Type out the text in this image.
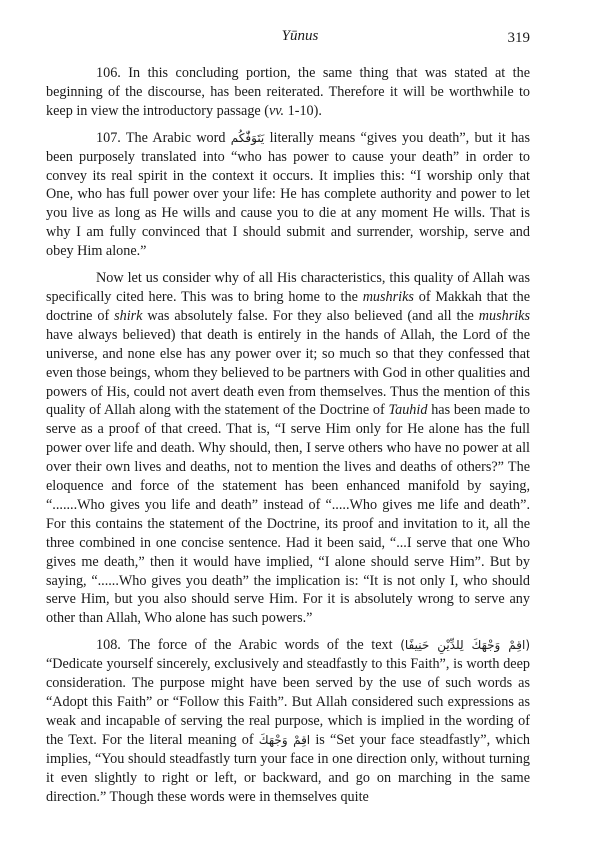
Yūnus	319

106. In this concluding portion, the same thing that was stated at the beginning of the discourse, has been reiterated. Therefore it will be worthwhile to keep in view the introductory passage (vv. 1-10).

107. The Arabic word يَتَوَفّٰكُم literally means “gives you death”, but it has been purposely translated into “who has power to cause your death” in order to convey its real spirit in the context it occurs. It implies this: “I worship only that One, who has full power over your life: He has complete authority and power to let you live as long as He wills and cause you to die at any moment He wills. That is why I am fully convinced that I should submit and surrender, worship, serve and obey Him alone.”

Now let us consider why of all His characteristics, this quality of Allah was specifically cited here. This was to bring home to the mushriks of Makkah that the doctrine of shirk was absolutely false. For they also believed (and all the mushriks have always believed) that death is entirely in the hands of Allah, the Lord of the universe, and none else has any power over it; so much so that they confessed that even those beings, whom they believed to be partners with God in other qualities and powers of His, could not avert death even from themselves. Thus the mention of this quality of Allah along with the statement of the Doctrine of Tauhid has been made to serve as a proof of that creed. That is, “I serve Him only for He alone has the full power over life and death. Why should, then, I serve others who have no power at all over their own lives and deaths, not to mention the lives and deaths of others?” The eloquence and force of the statement has been enhanced manifold by saying, “.......Who gives you life and death” instead of “.....Who gives me life and death”. For this contains the statement of the Doctrine, its proof and invitation to it, all the three combined in one concise sentence. Had it been said, “...I serve that one Who gives me death,” then it would have implied, “I alone should serve Him”. But by saying, “......Who gives you death” the implication is: “It is not only I, who should serve Him, but you also should serve Him. For it is absolutely wrong to serve any other than Allah, Who alone has such powers.”

108. The force of the Arabic words of the text (اقِمْ وَجْهَكَ لِلدِّيْنِ حَنِيفًا) “Dedicate yourself sincerely, exclusively and steadfastly to this Faith”, is worth deep consideration. The purpose might have been served by the use of such words as “Adopt this Faith” or “Follow this Faith”. But Allah considered such expressions as weak and incapable of serving the real purpose, which is implied in the wording of the Text. For the literal meaning of اقِمْ وَجْهَكَ is “Set your face steadfastly”, which implies, “You should steadfastly turn your face in one direction only, without turning it even slightly to right or left, or backward, and go on marching in the same direction.” Though these words were in themselves quite
